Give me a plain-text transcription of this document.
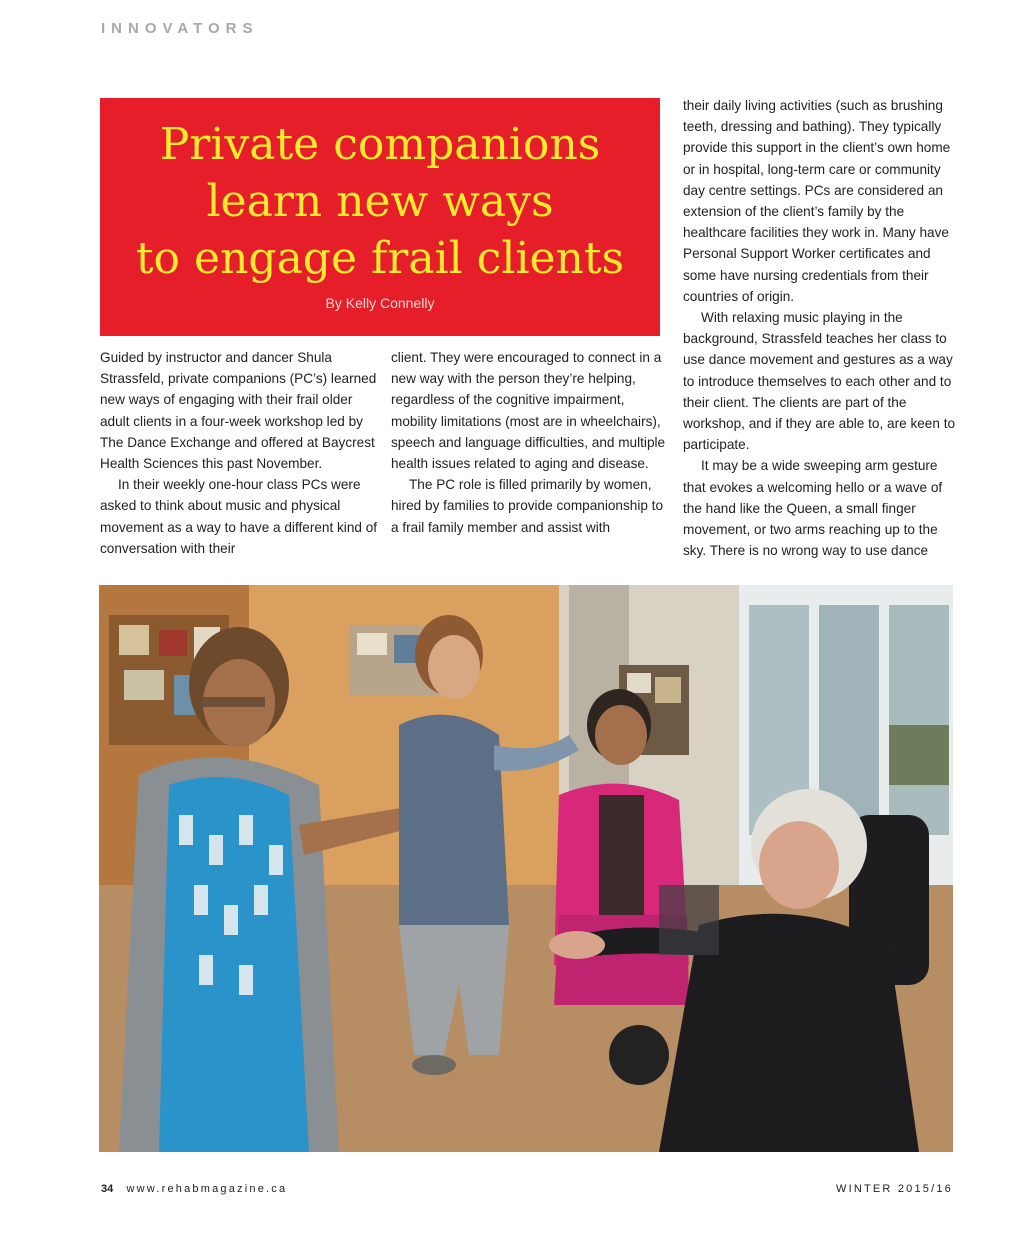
INNOVATORS
Private companions
learn new ways
to engage frail clients
By Kelly Connelly

Guided by instructor and dancer Shula Strassfeld, private companions (PC’s) learned new ways of engaging with their frail older adult clients in a four-week workshop led by The Dance Exchange and offered at Baycrest Health Sciences this past November.

In their weekly one-hour class PCs were asked to think about music and physical movement as a way to have a different kind of conversation with their

client. They were encouraged to connect in a new way with the person they’re helping, regardless of the cognitive impairment, mobility limitations (most are in wheelchairs), speech and language difficulties, and multiple health issues related to aging and disease.

The PC role is filled primarily by women, hired by families to provide companionship to a frail family member and assist with

their daily living activities (such as brushing teeth, dressing and bathing). They typically provide this support in the client’s own home or in hospital, long-term care or community day centre settings. PCs are considered an extension of the client’s family by the healthcare facilities they work in. Many have Personal Support Worker certificates and some have nursing credentials from their countries of origin.

With relaxing music playing in the background, Strassfeld teaches her class to use dance movement and gestures as a way to introduce themselves to each other and to their client. The clients are part of the workshop, and if they are able to, are keen to participate.

It may be a wide sweeping arm gesture that evokes a welcoming hello or a wave of the hand like the Queen, a small finger movement, or two arms reaching up to the sky. There is no wrong way to use dance

34 www.rehabmagazine.ca	WINTER 2015/16
